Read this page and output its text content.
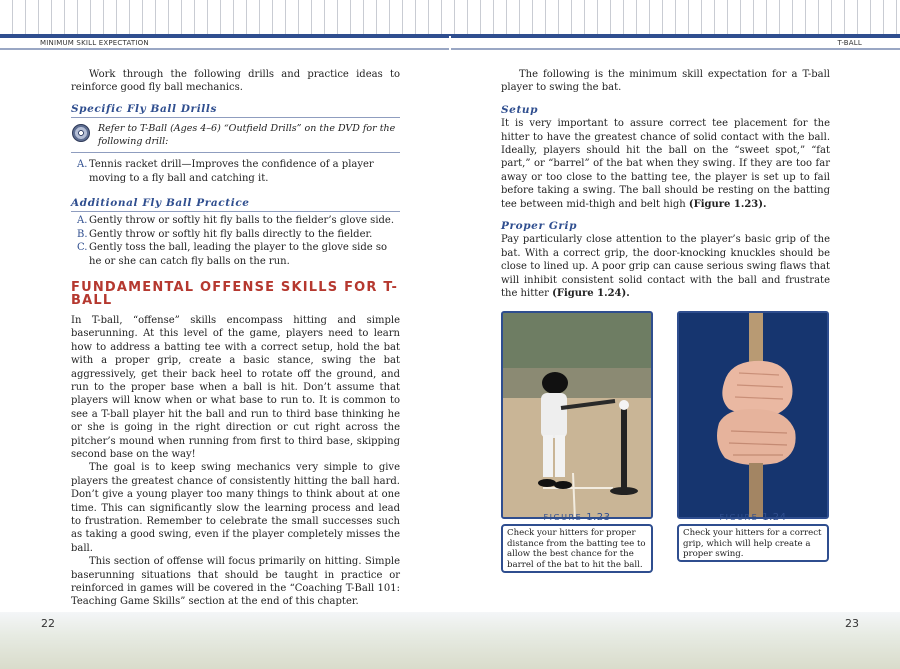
MINIMUM SKILL EXPECTATION	T-BALL

Work through the following drills and practice ideas to reinforce good fly ball mechanics.

Specific Fly Ball Drills
Refer to T-Ball (Ages 4–6) “Outfield Drills” on the DVD for the following drill:
A. Tennis racket drill—Improves the confidence of a player moving to a fly ball and catching it.
Additional Fly Ball Practice
A. Gently throw or softly hit fly balls to the fielder’s glove side.
B. Gently throw or softly hit fly balls directly to the fielder.
C. Gently toss the ball, leading the player to the glove side so he or she can catch fly balls on the run.
FUNDAMENTAL OFFENSE SKILLS FOR T-BALL

In T-ball, “offense” skills encompass hitting and simple baserunning. At this level of the game, players need to learn how to address a batting tee with a correct setup, hold the bat with a proper grip, create a basic stance, swing the bat aggressively, get their back heel to rotate off the ground, and run to the proper base when a ball is hit. Don’t assume that players will know when or what base to run to. It is common to see a T-ball player hit the ball and run to third base thinking he or she is going in the right direction or cut right across the pitcher’s mound when running from first to third base, skipping second base on the way!

The goal is to keep swing mechanics very simple to give players the greatest chance of consistently hitting the ball hard. Don’t give a young player too many things to think about at one time. This can significantly slow the learning process and lead to frustration. Remember to celebrate the small successes such as taking a good swing, even if the player completely misses the ball.

This section of offense will focus primarily on hitting. Simple baserunning situations that should be taught in practice or reinforced in games will be covered in the “Coaching T-Ball 101: Teaching Game Skills” section at the end of this chapter.

The following is the minimum skill expectation for a T-ball player to swing the bat.

Setup

It is very important to assure correct tee placement for the hitter to have the greatest chance of solid contact with the ball. Ideally, players should hit the ball on the “sweet spot,” “fat part,” or “barrel” of the bat when they swing. If they are too far away or too close to the batting tee, the player is set up to fail before taking a swing. The ball should be resting on the batting tee between mid-thigh and belt high (Figure 1.23).

Proper Grip

Pay particularly close attention to the player’s basic grip of the bat. With a correct grip, the door-knocking knuckles should be close to lined up. A poor grip can cause serious swing flaws that will inhibit consistent solid contact with the ball and frustrate the hitter (Figure 1.24).

FIGURE 1.23
Check your hitters for proper distance from the batting tee to allow the best chance for the barrel of the bat to hit the ball.
FIGURE 1.24
Check your hitters for a correct grip, which will help create a proper swing.
22	23
